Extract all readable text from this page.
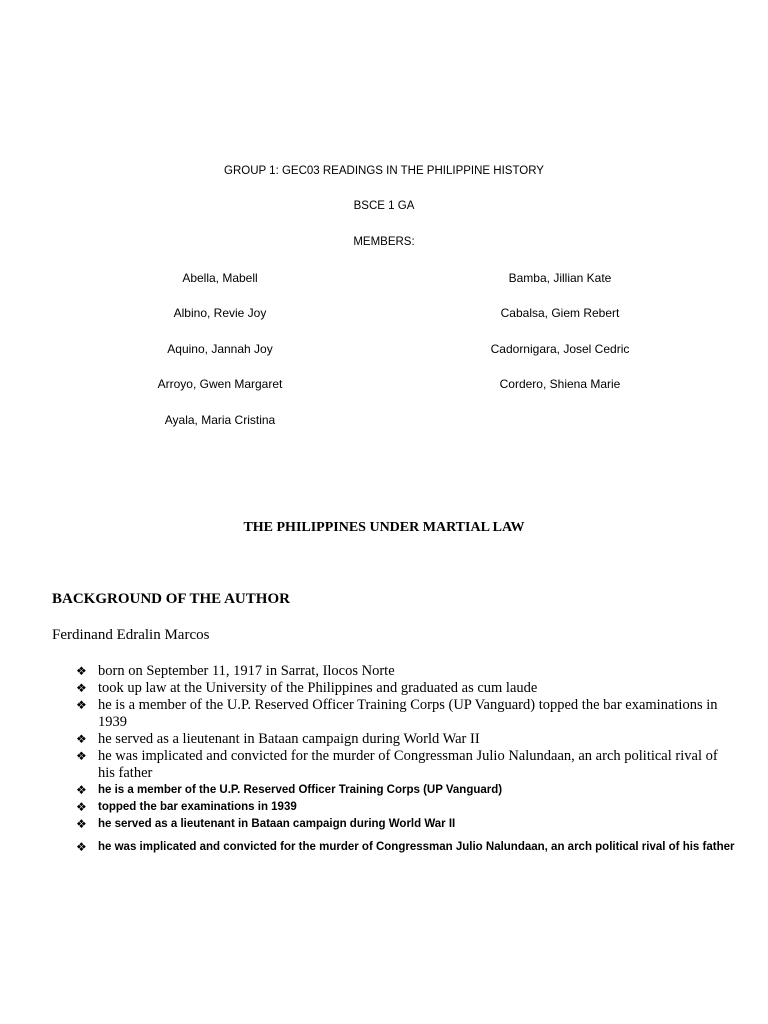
GROUP 1: GEC03 READINGS IN THE PHILIPPINE HISTORY
BSCE 1 GA
MEMBERS:
Abella, Mabell
Albino, Revie Joy
Aquino, Jannah Joy
Arroyo, Gwen Margaret
Ayala, Maria Cristina
Bamba, Jillian Kate
Cabalsa, Giem Rebert
Cadornigara, Josel Cedric
Cordero, Shiena Marie
THE PHILIPPINES UNDER MARTIAL LAW
BACKGROUND OF THE AUTHOR
Ferdinand Edralin Marcos
❖ born on September 11, 1917 in Sarrat, Ilocos Norte
❖ took up law at the University of the Philippines and graduated as cum laude
❖ he is a member of the U.P. Reserved Officer Training Corps (UP Vanguard) topped the bar examinations in 1939
❖ he served as a lieutenant in Bataan campaign during World War II
❖ he was implicated and convicted for the murder of Congressman Julio Nalundaan, an arch political rival of his father
❖ he is a member of the U.P. Reserved Officer Training Corps (UP Vanguard)
❖ topped the bar examinations in 1939
❖ he served as a lieutenant in Bataan campaign during World War II
❖ he was implicated and convicted for the murder of Congressman Julio Nalundaan, an arch political rival of his father
